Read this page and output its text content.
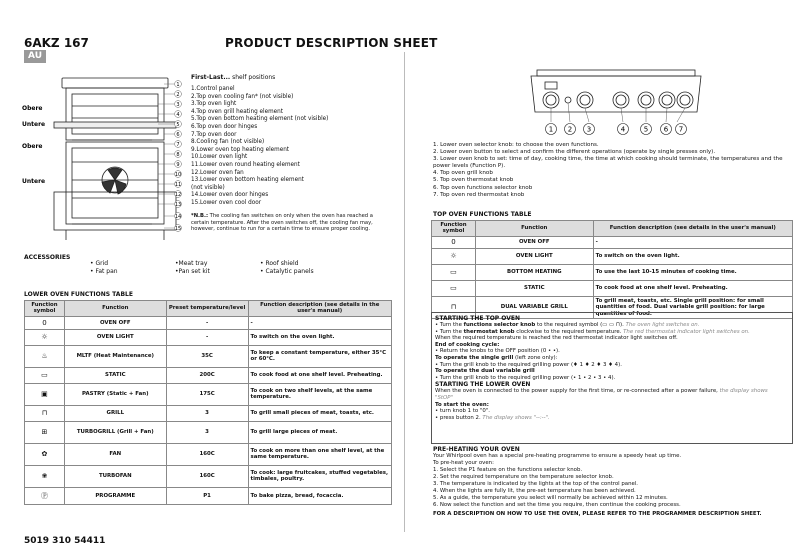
6AKZ 167
AU
PRODUCT DESCRIPTION SHEET
1
2
3
4
5
6
7
8
9
10
11
12
13
14
15
Obere
Untere
Obere
Untere
First-Last... shelf positions
1.Control panel
2.Top oven cooling fan* (not visible)
3.Top oven light
4.Top oven grill heating element
5.Top oven bottom heating element (not visible)
6.Top oven door hinges
7.Top oven door
8.Cooling fan (not visible)
9.Lower oven top heating element
10.Lower oven light
11.Lower oven round heating element
12.Lower oven fan
13.Lower oven bottom heating element
(not visible)
14.Lower oven door hinges
15.Lower oven cool door
*N.B.: The cooling fan switches on only when the oven has reached a certain temperature. After the oven switches off, the cooling fan may, however, continue to run for a certain time to ensure proper cooling.
ACCESSORIES
• Grid
• Fat pan
•Meat tray
•Pan set kit
• Roof shield
• Catalytic panels
LOWER OVEN FUNCTIONS TABLE
Function symbol	Function	Preset temperature/level	Function description (see details in the user's manual)
0	OVEN OFF	-	-
☼	OVEN LIGHT	-	To switch on the oven light.
♨	MLTF (Heat Maintenance)	35C	To keep a constant temperature, either 35°C or 60°C.
▭	STATIC	200C	To cook food at one shelf level. Preheating.
▣	PASTRY (Static + Fan)	175C	To cook on two shelf levels, at the same temperature.
⊓	GRILL	3	To grill small pieces of meat, toasts, etc.
⊞	TURBOGRILL (Grill + Fan)	3	To grill large pieces of meat.
✿	FAN	160C	To cook on more than one shelf level, at the same temperature.
❀	TURBOFAN	160C	To cook: large fruitcakes, stuffed vegetables, timbales, poultry.
Ⓟ	PROGRAMME	P1	To bake pizza, bread, focaccia.
1 2 3	4	5 6 7
1. Lower oven selector knob: to choose the oven functions.
2. Lower oven button to select and confirm the different operations (operate by single presses only).
3. Lower oven knob to set: time of day, cooking time, the time at which cooking should terminate, the temperatures and the
power levels (Function P).
4. Top oven grill knob
5. Top oven thermostat knob
6. Top oven functions selector knob
7. Top oven red thermostat knob
TOP OVEN FUNCTIONS TABLE
Function symbol	Function	Function description (see details in the user's manual)
0	OVEN OFF	-
☼	OVEN LIGHT	To switch on the oven light.
▭	BOTTOM HEATING	To use the last 10-15 minutes of cooking time.
▭	STATIC	To cook food at one shelf level. Preheating.
⊓	DUAL VARIABLE GRILL	To grill meat, toasts, etc. Single grill position: for small quantities of food. Dual variable grill position: for large quantities of food.
STARTING THE TOP OVEN
• Turn the functions selector knob to the required symbol (▭ ▭ ⊓). The oven light switches on.
• Turn the thermostat knob clockwise to the required temperature. The red thermostat indicator light switches on.
When the required temperature is reached the red thermostat indicator light switches off.
End of cooking cycle:
• Return the knobs to the OFF position (0 • •).
To operate the single grill (left zone only):
• Turn the grill knob to the required grilling power (♦ 1 ♦ 2 ♦ 3 ♦ 4).
To operate the dual variable grill
• Turn the grill knob to the required grilling power (• 1 • 2 • 3 • 4).
STARTING THE LOWER OVEN
When the oven is connected to the power supply for the first time, or re-connected after a power failure, the display shows
"StOP"
To start the oven:
• turn knob 1 to "0".
• press button 2. The display shows "--:--".
PRE-HEATING YOUR OVEN
Your Whirlpool oven has a special pre-heating programme to ensure a speedy heat up time.
To pre-heat your oven:
1. Select the P1 feature on the functions selector knob.
2. Set the required temperature on the temperature selector knob.
3. The temperature is indicated by the lights at the top of the control panel.
4. When the lights are fully lit, the pre-set temperature has been achieved.
5. As a guide, the temperature you select will normally be achieved within 12 minutes.
6. Now select the function and set the time you require, then continue the cooking process.
FOR A DESCRIPTION ON HOW TO USE THE OVEN, PLEASE REFER TO THE PROGRAMMER DESCRIPTION SHEET.
5019 310 54411
